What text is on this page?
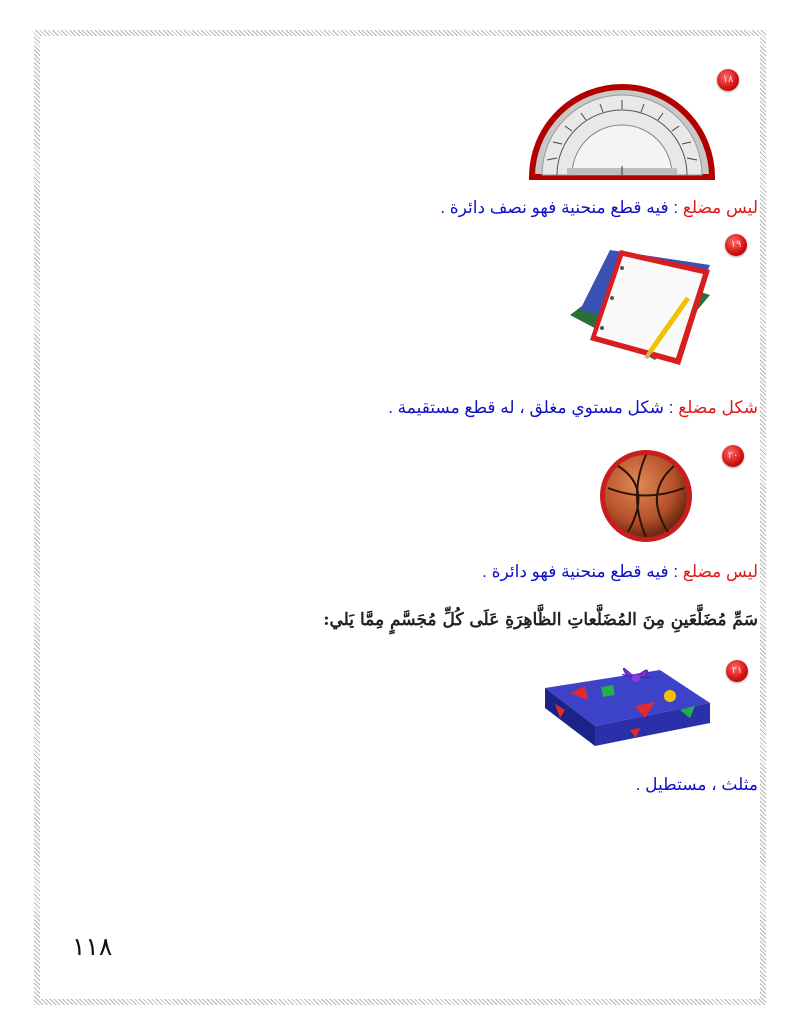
١٨
ليس مضلع : فيه قطع منحنية فهو نصف دائرة .
١٩
شكل مضلع : شكل مستوي مغلق ، له قطع مستقيمة .
٢٠
ليس مضلع : فيه قطع منحنية فهو دائرة .
سَمِّ مُضَلَّعَينِ مِنَ المُضَلَّعاتِ الظَّاهِرَةِ عَلَى كُلِّ مُجَسَّمٍ مِمَّا يَلي:
٢١
مثلث ، مستطيل .
١١٨
